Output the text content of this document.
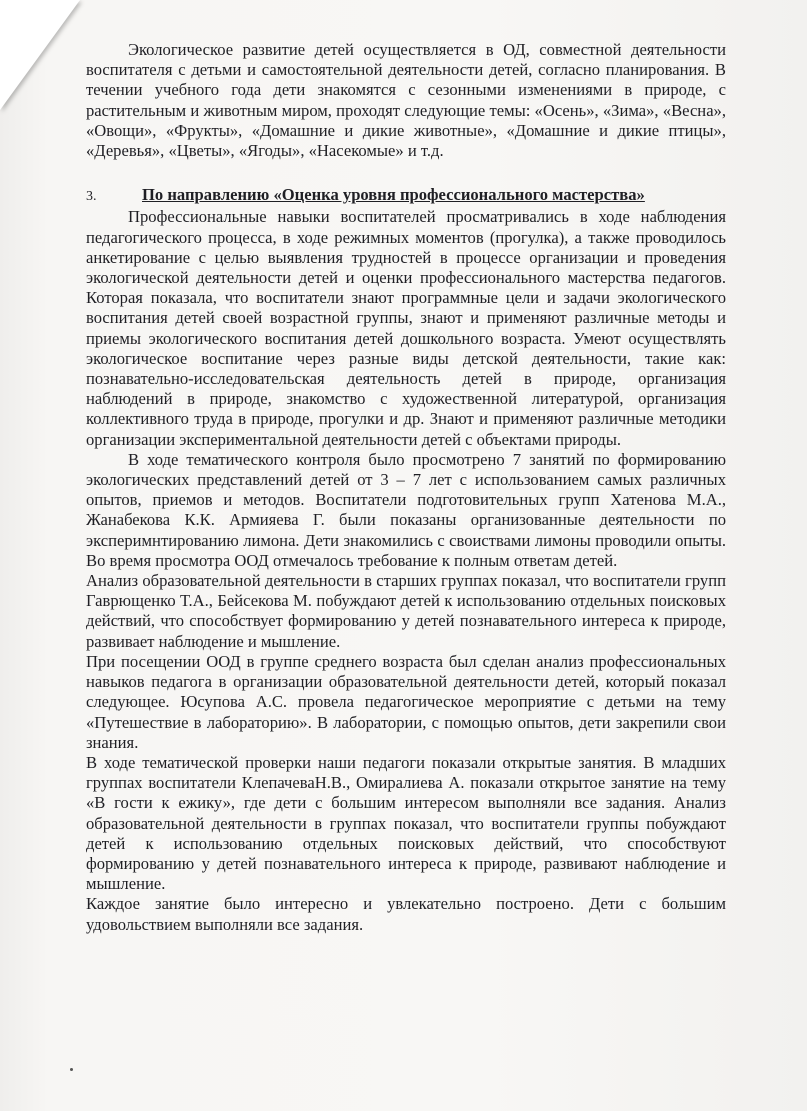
Экологическое развитие детей осуществляется в ОД, совместной деятельности воспитателя с детьми и самостоятельной деятельности детей, согласно планирования. В течении учебного года дети знакомятся с сезонными изменениями в природе, с растительным и животным миром, проходят следующие темы: «Осень», «Зима», «Весна», «Овощи», «Фрукты», «Домашние и дикие животные», «Домашние и дикие птицы», «Деревья», «Цветы», «Ягоды», «Насекомые» и т.д.

3.	По направлению «Оценка уровня профессионального мастерства»

Профессиональные навыки воспитателей просматривались в ходе наблюдения педагогического процесса, в ходе режимных моментов (прогулка), а также проводилось анкетирование с целью выявления трудностей в процессе организации и проведения экологической деятельности детей и оценки профессионального мастерства педагогов. Которая показала, что воспитатели знают программные цели и задачи экологического воспитания детей своей возрастной группы, знают и применяют различные методы и приемы экологического воспитания детей дошкольного возраста. Умеют осуществлять экологическое воспитание через разные виды детской деятельности, такие как: познавательно-исследовательская деятельность детей в природе, организация наблюдений в природе, знакомство с художественной литературой, организация коллективного труда в природе, прогулки и др. Знают и применяют различные методики организации экспериментальной деятельности детей с объектами природы.

В ходе тематического контроля было просмотрено 7 занятий по формированию экологических представлений детей от 3 – 7 лет с использованием самых различных опытов, приемов и методов. Воспитатели подготовительных групп Хатенова М.А., Жанабекова К.К. Армияева Г. были показаны организованные деятельности по эксперимнтированию лимона. Дети знакомились с своиствами лимоны проводили опыты. Во время просмотра ООД отмечалось требование к полным ответам детей.

Анализ образовательной деятельности в старших группах показал, что воспитатели групп Гаврющенко Т.А., Бейсекова М. побуждают детей к использованию отдельных поисковых действий, что способствует формированию у детей познавательного интереса к природе, развивает наблюдение и мышление.

При посещении ООД в группе среднего возраста был сделан анализ профессиональных навыков педагога в организации образовательной деятельности детей, который показал следующее. Юсупова А.С. провела педагогическое мероприятие с детьми на тему «Путешествие в лабораторию». В лаборатории, с помощью опытов, дети закрепили свои знания.

В ходе тематической проверки наши педагоги показали открытые занятия. В младших группах воспитатели КлепачеваН.В., Омиралиева А. показали открытое занятие на тему «В гости к ежику», где дети с большим интересом выполняли все задания. Анализ образовательной деятельности в группах показал, что воспитатели группы побуждают детей к использованию отдельных поисковых действий, что способствуют формированию у детей познавательного интереса к природе, развивают наблюдение и мышление.

Каждое занятие было интересно и увлекательно построено. Дети с большим удовольствием выполняли все задания.
